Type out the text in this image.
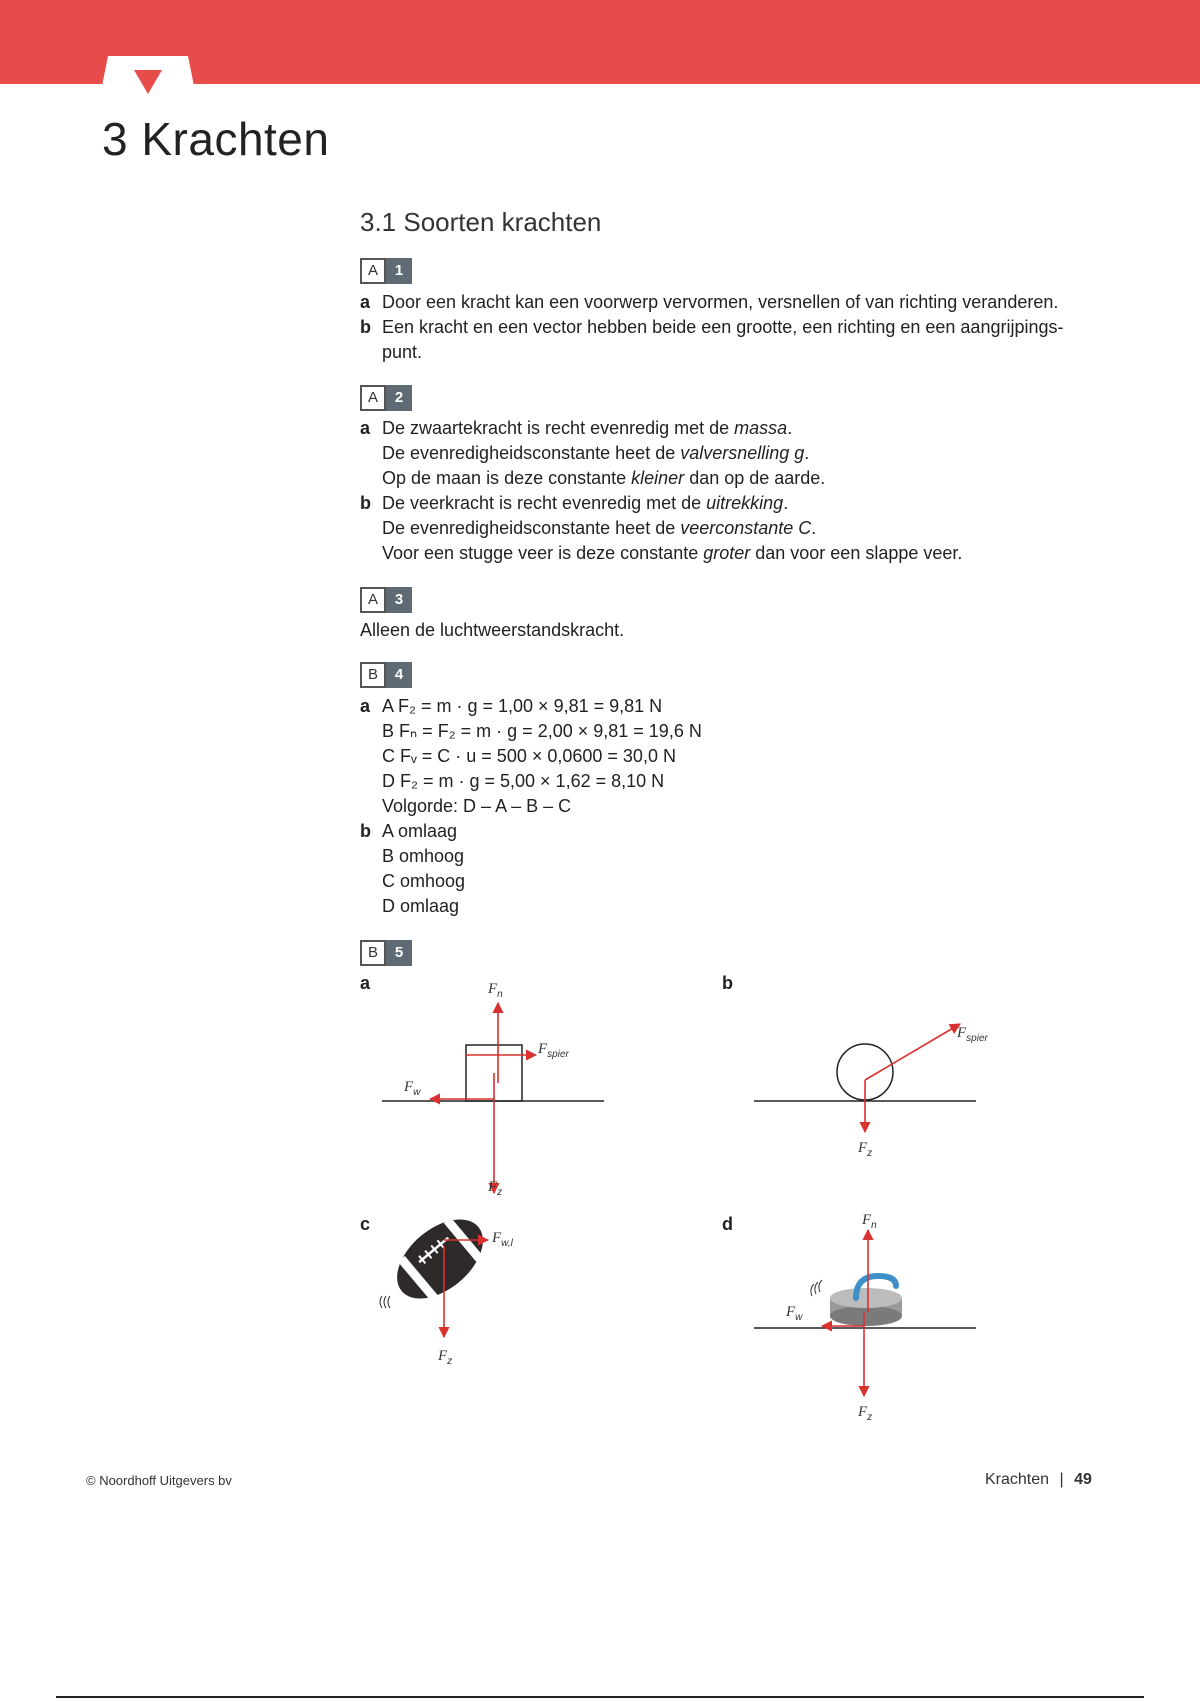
3 Krachten
3.1 Soorten krachten
A	1
a Door een kracht kan een voorwerp vervormen, versnellen of van richting veranderen.
b Een kracht en een vector hebben beide een grootte, een richting en een aangrijpings-
punt.
A	2
a De zwaartekracht is recht evenredig met de massa.
De evenredigheidsconstante heet de valversnelling g.
Op de maan is deze constante kleiner dan op de aarde.
b De veerkracht is recht evenredig met de uitrekking.
De evenredigheidsconstante heet de veerconstante C.
Voor een stugge veer is deze constante groter dan voor een slappe veer.
A	3
Alleen de luchtweerstandskracht.
B	4
a A F₂ = m · g = 1,00 × 9,81 = 9,81 N
B Fₙ = F₂ = m · g = 2,00 × 9,81 = 19,6 N
C Fᵥ = C · u = 500 × 0,0600 = 30,0 N
D F₂ = m · g = 5,00 × 1,62 = 8,10 N
Volgorde: D – A – B – C
b A omlaag
B omhoog
C omhoog
D omlaag
B	5
a	b
c	d
$F_n$
$F_{spier}$
$F_w$
$F_z$
$F_{spier}$
$F_z$
$F_{w,l}$
$F_z$
$F_n$
$F_w$
$F_z$
© Noordhoff Uitgevers bv	Krachten | 49
